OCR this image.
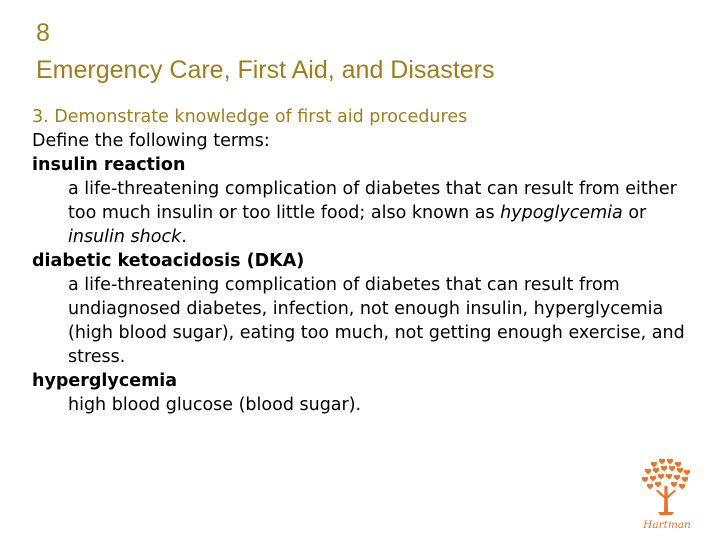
8
Emergency Care, First Aid, and Disasters
3. Demonstrate knowledge of first aid procedures
Define the following terms:
insulin reaction
a life-threatening complication of diabetes that can result from either too much insulin or too little food; also known as hypoglycemia or insulin shock.
diabetic ketoacidosis (DKA)
a life-threatening complication of diabetes that can result from undiagnosed diabetes, infection, not enough insulin, hyperglycemia (high blood sugar), eating too much, not getting enough exercise, and stress.
hyperglycemia
high blood glucose (blood sugar).
Hartman
